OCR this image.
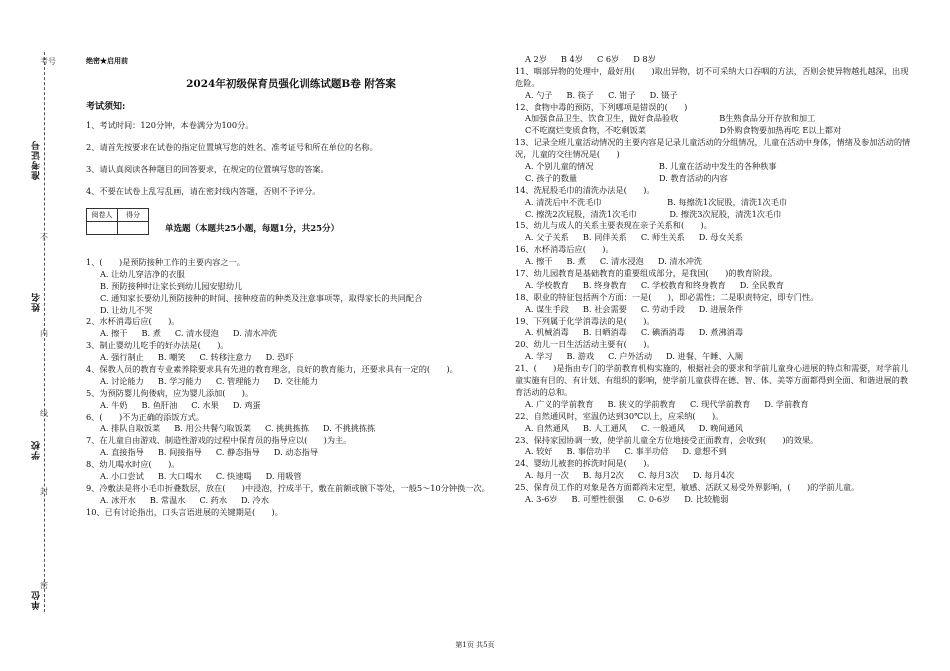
考号
准考证号
不
姓名
内
线
学校
封
密
单位
绝密★启用前
2024年初级保育员强化训练试题B卷 附答案
考试须知:

1、考试时间：120分钟，本卷满分为100分。

2、请首先按要求在试卷的指定位置填写您的姓名、准考证号和所在单位的名称。

3、请认真阅读各种题目的回答要求，在规定的位置填写您的答案。

4、不要在试卷上乱写乱画，请在密封线内答题，否则不予评分。

阅卷人	得分

单选题（本题共25小题，每题1分，共25分）
1、(　　)是预防接种工作的主要内容之一。
A. 让幼儿穿洁净的衣服
B. 预防接种时让家长到幼儿园安慰幼儿
C. 通知家长要幼儿预防接种的时间、接种疫苗的种类及注意事项等，取得家长的共同配合
D. 让幼儿不哭
2、水杯消毒后应(　　)。
A. 擦干 B. 煮 C. 清水侵泡 D. 清水冲洗
3、制止婴幼儿吃手的好办法是(　　)。
A. 强行制止 B. 嘲笑 C. 转移注意力 D. 恐吓
4、保教人员的教育专业素养除要求具有先进的教育理念，良好的教育能力，还要求具有一定的(　　)。
A. 讨论能力 B. 学习能力 C. 管理能力 D. 交往能力
5、为预防婴儿佝偻病，应为婴儿添加(　　)。
A. 牛奶 B. 鱼肝油 C. 水果 D. 鸡蛋
6、(　　)不为正确的添饭方式。
A. 排队自取饭菜 B. 用公共餐勺取饭菜 C. 挑挑拣拣 D. 不挑挑拣拣
7、在儿童自由游戏、制造性游戏的过程中保育员的指导应以(　　)为主。
A. 直接指导 B. 间接指导 C. 静态指导 D. 动态指导
8、幼儿喝水时应(　　)。
A. 小口尝试 B. 大口喝水 C. 快速喝 D. 用吸管
9、冷敷法是将小毛巾折叠数层，放在(　　)中浸泡，拧成半干，敷在前额或腋下等处，一般5～10分钟换一次。
A. 冰开水 B. 常温水 C. 药水 D. 冷水
10、已有讨论指出，口头言语进展的关键期是(　　)。
A 2岁 B 4岁 C 6岁 D 8岁
11、咽部异物的处理中，最好用(　　)取出异物，切不可采纳大口吞咽的方法，否则会使异物越扎越深，出现危险。
A. 勺子 B. 筷子 C. 钳子 D. 镊子
12、食物中毒的预防，下列哪项是错误的(　　)
A加强食品卫生、饮食卫生，做好食品验收　　　　　B生熟食品分开存放和加工
C不吃腐烂变质食物，不吃剩饭菜　　　　　　　　　D外购食物要加热再吃 E以上都对
13、记录全班儿童活动情况的主要内容是记录儿童活动的分组情况，儿童在活动中身体，情绪及参加活动的情况，儿童的交往情况是(　　)
A. 个别儿童的情况　　　　　　　　B. 儿童在活动中发生的各种秩事
C. 孩子的数量　　　　　　　　　　D. 教育活动的内容
14、洗屁股毛巾的清洗办法是(　　)。
A. 清洗后中不洗毛巾　　　　　　　　B. 每擦洗1次屁股，清洗1次毛巾
C. 擦洗2次屁股，清洗1次毛巾　　　　D. 擦洗3次屁股，清洗1次毛巾
15、幼儿与成人的关系主要表现在亲子关系和(　　)。
A. 父子关系 B. 同伴关系 C. 师生关系 D. 母女关系
16、水杯消毒后应(　　)。
A. 擦干 B. 煮 C. 清水浸泡 D. 清水冲洗
17、幼儿园教育是基础教育的重要组成部分，是我国(　　)的教育阶段。
A. 学校教育 B. 终身教育 C. 学校教育和终身教育 D. 全民教育
18、职业的特征包括两个方面：一是(　　)，即必需性；二是职责特定，即专门性。
A. 谋生手段 B. 社会需要 C. 劳动手段 D. 进展条件
19、下列属于化学消毒法的是(　　)。
A. 机械消毒 B. 日晒消毒 C. 碘酒消毒 D. 煮沸消毒
20、幼儿一日生活活动主要有(　　)。
A. 学习 B. 游戏 C. 户外活动 D. 进餐、午睡、入厕
21、(　　)是指由专门的学前教育机构实施的，根据社会的要求和学前儿童身心进展的特点和需要，对学前儿童实施有目的、有计划、有组织的影响，使学前儿童获得在德、智、体、美等方面都得到全面、和谐进展的教育活动的总和。
A. 广义的学前教育 B. 狭义的学前教育 C. 现代学前教育 D. 学前教育
22、自然通风时，室温仍达到30℃以上，应采纳(　　)。
A. 自然通风 B. 人工通风 C. 一般通风 D. 晚间通风
23、保持家园协调一致，使学前儿童全方位地接受正面教育，会收到(　　)的效果。
A. 较好 B. 事倍功半 C. 事半功倍 D. 意想不到
24、婴幼儿被套的拆洗时间是(　　)。
A. 每月一次 B. 每月2次 C. 每月3次 D. 每月4次
25、保育员工作的对象是各方面都尚未定型，敏感、活跃又易受外界影响，(　　)的学前儿童。
A. 3-6岁 B. 可塑性很强 C. 0-6岁 D. 比较脆弱
第1页 共5页
